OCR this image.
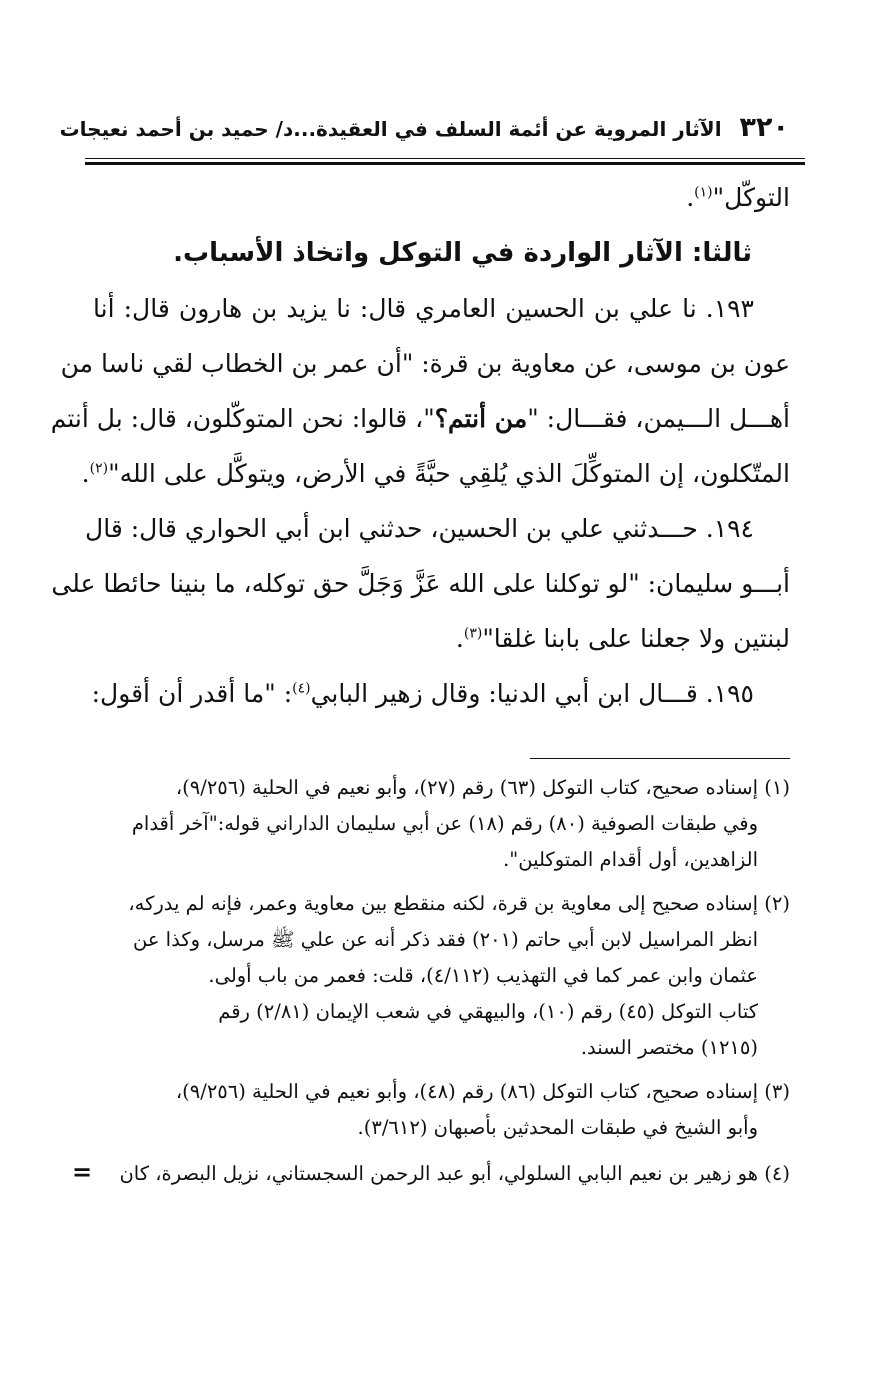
٣٢٠
الآثار المروية عن أئمة السلف في العقيدة...د/ حميد بن أحمد نعيجات
التوكّل"$^{(١)}$.
ثالثا: الآثار الواردة في التوكل واتخاذ الأسباب.
١٩٣. نا علي بن الحسين العامري قال: نا يزيد بن هارون قال: أنا
عون بن موسى، عن معاوية بن قرة: "أن عمر بن الخطاب لقي ناسا من
أهـــل الـــيمن، فقـــال: "من أنتم؟"، قالوا: نحن المتوكّلون، قال: بل أنتم
المتّكلون، إن المتوكِّلَ الذي يُلقِي حبَّةً في الأرض، ويتوكَّل على الله"$^{(٢)}$.
١٩٤. حـــدثني علي بن الحسين، حدثني ابن أبي الحواري قال: قال
أبـــو سليمان: "لو توكلنا على الله عَزَّ وَجَلَّ حق توكله، ما بنينا حائطا على
لبنتين ولا جعلنا على بابنا غلقا"$^{(٣)}$.
١٩٥. قـــال ابن أبي الدنيا: وقال زهير البابي$^{(٤)}$: "ما أقدر أن أقول:
(١)
إسناده صحيح، كتاب التوكل (٦٣) رقم (٢٧)، وأبو نعيم في الحلية (٩/٢٥٦)،
وفي طبقات الصوفية (٨٠) رقم (١٨) عن أبي سليمان الداراني قوله:"آخر أقدام
الزاهدين، أول أقدام المتوكلين".
(٢)
إسناده صحيح إلى معاوية بن قرة، لكنه منقطع بين معاوية وعمر، فإنه لم يدركه،
انظر المراسيل لابن أبي حاتم (٢٠١) فقد ذكر أنه عن علي ﷺ مرسل، وكذا عن
عثمان وابن عمر كما في التهذيب (٤/١١٢)، قلت: فعمر من باب أولى.
كتاب التوكل (٤٥) رقم (١٠)، والبيهقي في شعب الإيمان (٢/٨١) رقم
(١٢١٥) مختصر السند.
(٣)
إسناده صحيح، كتاب التوكل (٨٦) رقم (٤٨)، وأبو نعيم في الحلية (٩/٢٥٦)،
وأبو الشيخ في طبقات المحدثين بأصبهان (٣/٦١٢).
(٤)
هو زهير بن نعيم البابي السلولي، أبو عبد الرحمن السجستاني، نزيل البصرة، كان
=
